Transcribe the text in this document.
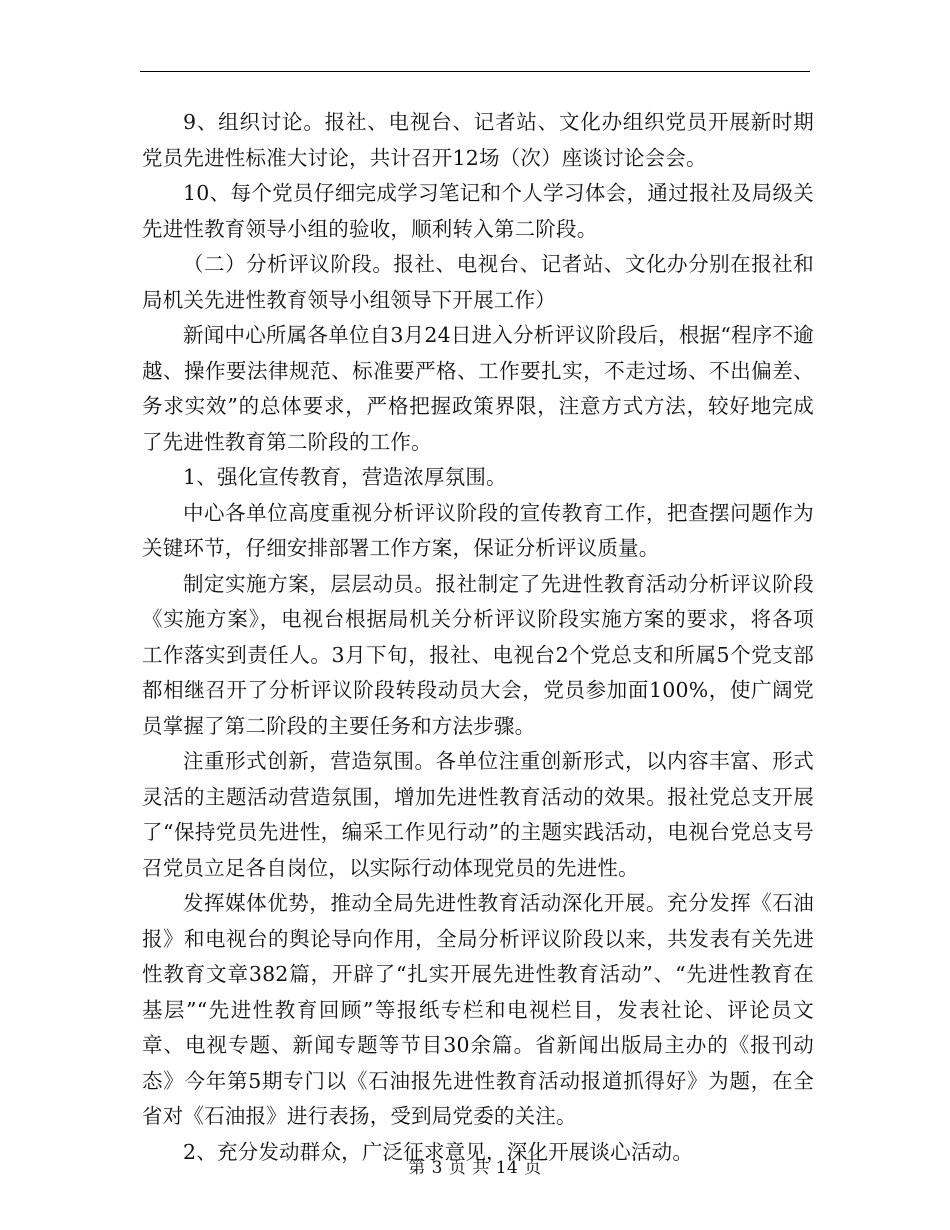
9、组织讨论。报社、电视台、记者站、文化办组织党员开展新时期党员先进性标准大讨论，共计召开12场（次）座谈讨论会会。

10、每个党员仔细完成学习笔记和个人学习体会，通过报社及局级关先进性教育领导小组的验收，顺利转入第二阶段。

（二）分析评议阶段。报社、电视台、记者站、文化办分别在报社和局机关先进性教育领导小组领导下开展工作）

新闻中心所属各单位自3月24日进入分析评议阶段后，根据“程序不逾越、操作要法律规范、标准要严格、工作要扎实，不走过场、不出偏差、务求实效”的总体要求，严格把握政策界限，注意方式方法，较好地完成了先进性教育第二阶段的工作。

1、强化宣传教育，营造浓厚氛围。

中心各单位高度重视分析评议阶段的宣传教育工作，把查摆问题作为关键环节，仔细安排部署工作方案，保证分析评议质量。

制定实施方案，层层动员。报社制定了先进性教育活动分析评议阶段《实施方案》，电视台根据局机关分析评议阶段实施方案的要求，将各项工作落实到责任人。3月下旬，报社、电视台2个党总支和所属5个党支部都相继召开了分析评议阶段转段动员大会，党员参加面100%，使广阔党员掌握了第二阶段的主要任务和方法步骤。

注重形式创新，营造氛围。各单位注重创新形式，以内容丰富、形式灵活的主题活动营造氛围，增加先进性教育活动的效果。报社党总支开展了“保持党员先进性，编采工作见行动”的主题实践活动，电视台党总支号召党员立足各自岗位，以实际行动体现党员的先进性。

发挥媒体优势，推动全局先进性教育活动深化开展。充分发挥《石油报》和电视台的舆论导向作用，全局分析评议阶段以来，共发表有关先进性教育文章382篇，开辟了“扎实开展先进性教育活动”、“先进性教育在基层”“先进性教育回顾”等报纸专栏和电视栏目，发表社论、评论员文章、电视专题、新闻专题等节目30余篇。省新闻出版局主办的《报刊动态》今年第5期专门以《石油报先进性教育活动报道抓得好》为题，在全省对《石油报》进行表扬，受到局党委的关注。

2、充分发动群众，广泛征求意见，深化开展谈心活动。

第 3 页 共 14 页
